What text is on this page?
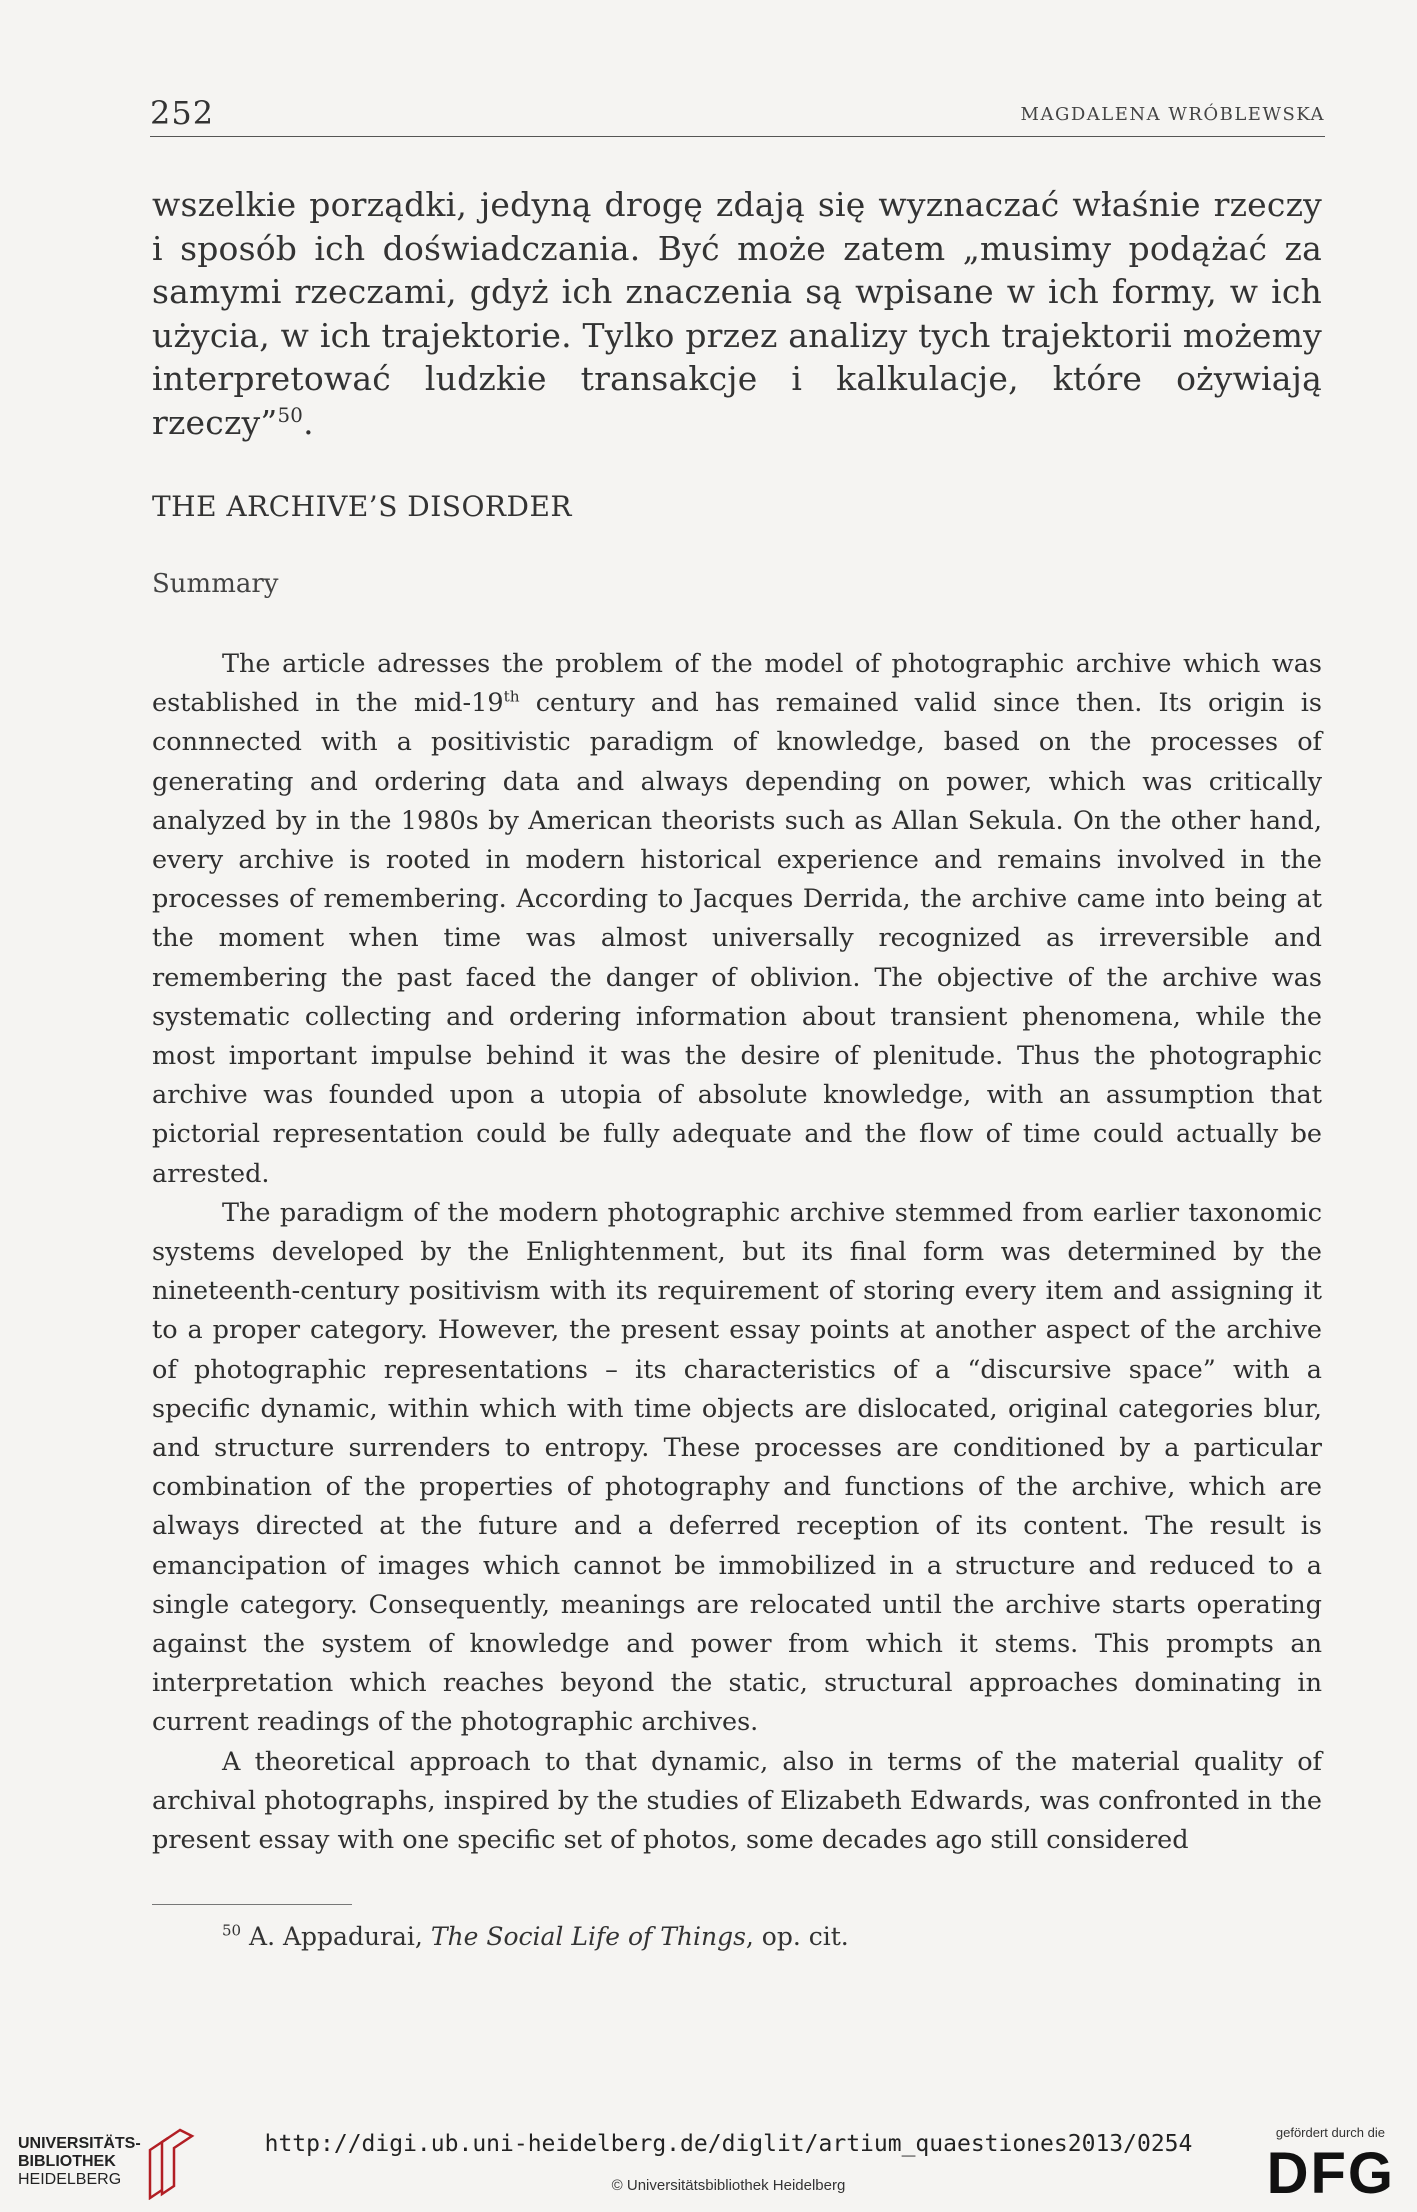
252	MAGDALENA WRÓBLEWSKA
wszelkie porządki, jedyną drogę zdają się wyznaczać właśnie rzeczy i sposób ich doświadczania. Być może zatem „musimy podążać za samymi rzeczami, gdyż ich znaczenia są wpisane w ich formy, w ich użycia, w ich trajektorie. Tylko przez analizy tych trajektorii możemy interpretować ludzkie transakcje i kalkulacje, które ożywiają rzeczy”$^{50}$.
THE ARCHIVE’S DISORDER
Summary

The article adresses the problem of the model of photographic archive which was established in the mid-19th century and has remained valid since then. Its origin is connnected with a positivistic paradigm of knowledge, based on the processes of generating and ordering data and always depending on power, which was critically analyzed by in the 1980s by American theorists such as Allan Sekula. On the other hand, every archive is rooted in modern historical experience and remains involved in the processes of remembering. According to Jacques Derrida, the archive came into being at the moment when time was almost universally recognized as irreversible and remembering the past faced the danger of oblivion. The objective of the archive was systematic collecting and ordering information about transient phenomena, while the most important impulse behind it was the desire of plenitude. Thus the photographic archive was founded upon a utopia of absolute knowledge, with an assumption that pictorial representation could be fully adequate and the flow of time could actually be arrested.

The paradigm of the modern photographic archive stemmed from earlier taxonomic systems developed by the Enlightenment, but its final form was determined by the nineteenth-century positivism with its requirement of storing every item and assigning it to a proper category. However, the present essay points at another aspect of the archive of photographic representations – its characteristics of a “discursive space” with a specific dynamic, within which with time objects are dislocated, original categories blur, and structure surrenders to entropy. These processes are conditioned by a particular combination of the properties of photography and functions of the archive, which are always directed at the future and a deferred reception of its content. The result is emancipation of images which cannot be immobilized in a structure and reduced to a single category. Consequently, meanings are relocated until the archive starts operating against the system of knowledge and power from which it stems. This prompts an interpretation which reaches beyond the static, structural approaches dominating in current readings of the photographic archives.

A theoretical approach to that dynamic, also in terms of the material quality of archival photographs, inspired by the studies of Elizabeth Edwards, was confronted in the present essay with one specific set of photos, some decades ago still considered

$^{50}$ A. Appadurai, The Social Life of Things, op. cit.
UNIVERSITÄTS-
BIBLIOTHEK
HEIDELBERG
http://digi.ub.uni-heidelberg.de/diglit/artium_quaestiones2013/0254
© Universitätsbibliothek Heidelberg
gefördert durch die
DFG
